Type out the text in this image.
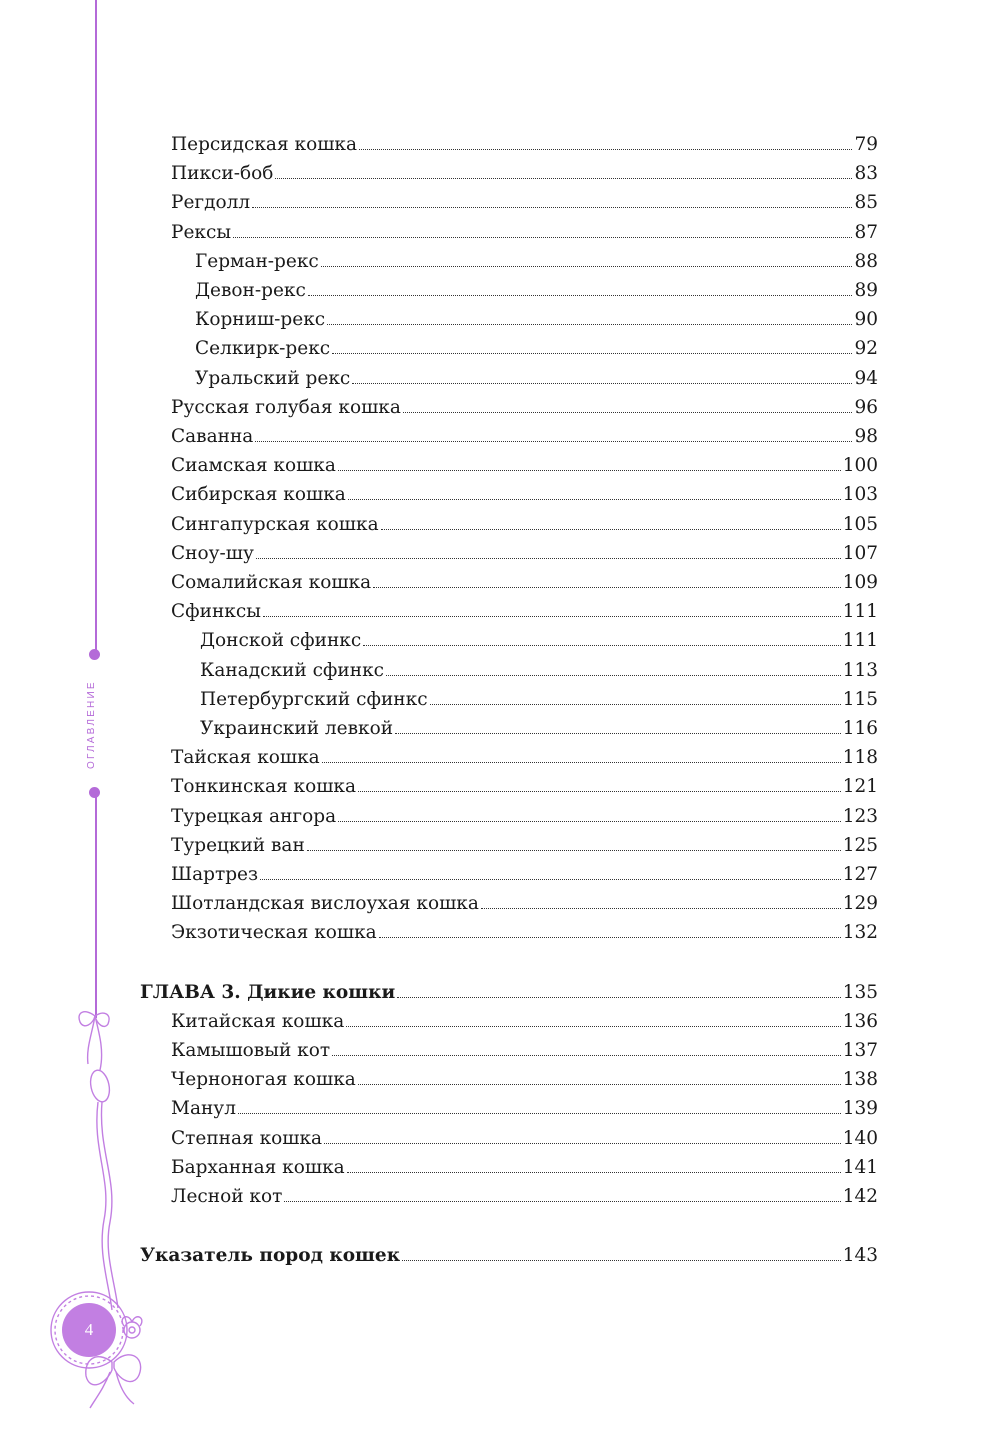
ОГЛАВЛЕНИЕ
4
Персидская кошка	79
Пикси-боб	83
Регдолл	85
Рексы	87
Герман-рекс	88
Девон-рекс	89
Корниш-рекс	90
Селкирк-рекс	92
Уральский рекс	94
Русская голубая кошка	96
Саванна	98
Сиамская кошка	100
Сибирская кошка	103
Сингапурская кошка	105
Сноу-шу	107
Сомалийская кошка	109
Сфинксы	111
Донской сфинкс	111
Канадский сфинкс	113
Петербургский сфинкс	115
Украинский левкой	116
Тайская кошка	118
Тонкинская кошка	121
Турецкая ангора	123
Турецкий ван	125
Шартрез	127
Шотландская вислоухая кошка	129
Экзотическая кошка	132
ГЛАВА 3. Дикие кошки	135
Китайская кошка	136
Камышовый кот	137
Черноногая кошка	138
Манул	139
Степная кошка	140
Барханная кошка	141
Лесной кот	142
Указатель пород кошек	143
